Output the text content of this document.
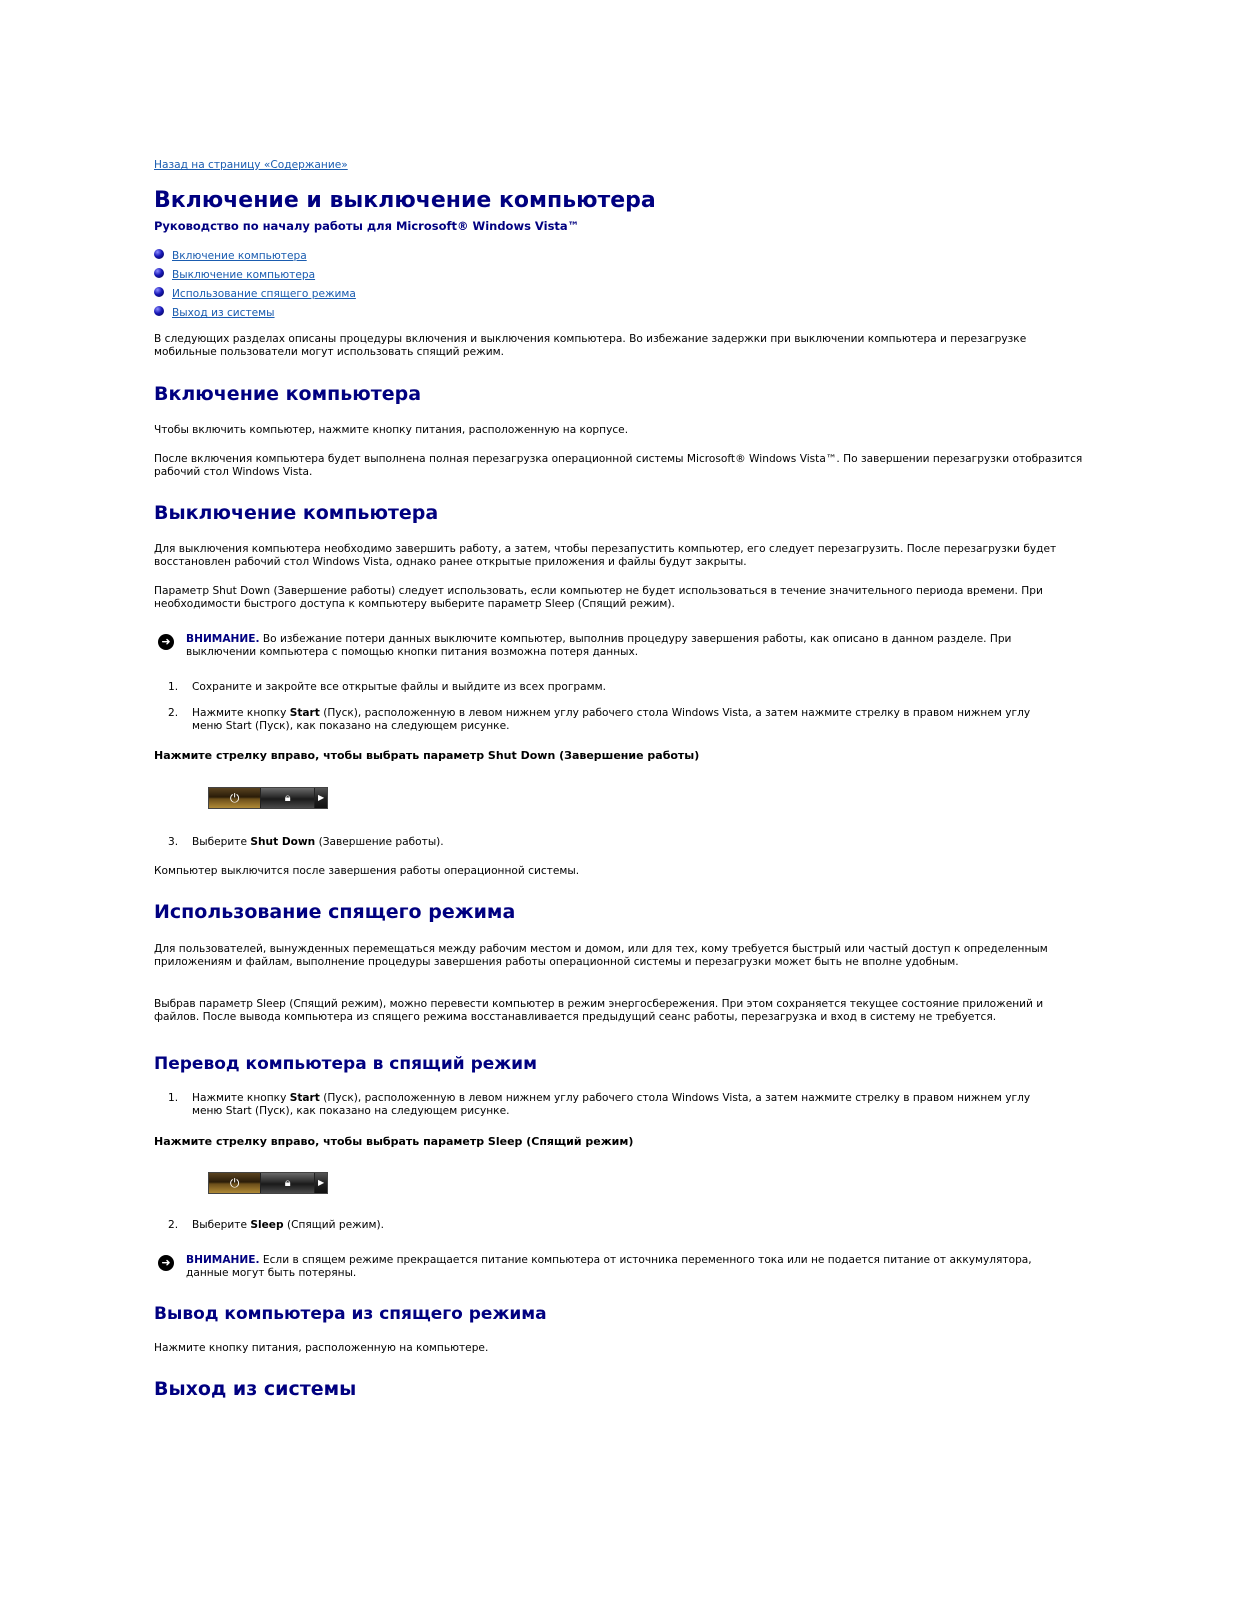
Назад на страницу «Содержание»
Включение и выключение компьютера
Руководство по началу работы для Microsoft® Windows Vista™
Включение компьютера
Выключение компьютера
Использование спящего режима
Выход из системы

В следующих разделах описаны процедуры включения и выключения компьютера. Во избежание задержки при выключении компьютера и перезагрузке мобильные пользователи могут использовать спящий режим.

Включение компьютера

Чтобы включить компьютер, нажмите кнопку питания, расположенную на корпусе.

После включения компьютера будет выполнена полная перезагрузка операционной системы Microsoft® Windows Vista™. По завершении перезагрузки отобразится рабочий стол Windows Vista.

Выключение компьютера

Для выключения компьютера необходимо завершить работу, а затем, чтобы перезапустить компьютер, его следует перезагрузить. После перезагрузки будет восстановлен рабочий стол Windows Vista, однако ранее открытые приложения и файлы будут закрыты.

Параметр Shut Down (Завершение работы) следует использовать, если компьютер не будет использоваться в течение значительного периода времени. При необходимости быстрого доступа к компьютеру выберите параметр Sleep (Спящий режим).

➜	ВНИМАНИЕ. Во избежание потери данных выключите компьютер, выполнив процедуру завершения работы, как описано в данном разделе. При выключении компьютера с помощью кнопки питания возможна потеря данных.
1. Сохраните и закройте все открытые файлы и выйдите из всех программ.
2. Нажмите кнопку Start (Пуск), расположенную в левом нижнем углу рабочего стола Windows Vista, а затем нажмите стрелку в правом нижнем углу меню Start (Пуск), как показано на следующем рисунке.
Нажмите стрелку вправо, чтобы выбрать параметр Shut Down (Завершение работы)
⏻	🔒︎	▶
3. Выберите Shut Down (Завершение работы).

Компьютер выключится после завершения работы операционной системы.

Использование спящего режима

Для пользователей, вынужденных перемещаться между рабочим местом и домом, или для тех, кому требуется быстрый или частый доступ к определенным приложениям и файлам, выполнение процедуры завершения работы операционной системы и перезагрузки может быть не вполне удобным.

Выбрав параметр Sleep (Спящий режим), можно перевести компьютер в режим энергосбережения. При этом сохраняется текущее состояние приложений и файлов. После вывода компьютера из спящего режима восстанавливается предыдущий сеанс работы, перезагрузка и вход в систему не требуется.

Перевод компьютера в спящий режим
1. Нажмите кнопку Start (Пуск), расположенную в левом нижнем углу рабочего стола Windows Vista, а затем нажмите стрелку в правом нижнем углу меню Start (Пуск), как показано на следующем рисунке.
Нажмите стрелку вправо, чтобы выбрать параметр Sleep (Спящий режим)
⏻	🔒︎	▶
2. Выберите Sleep (Спящий режим).
➜	ВНИМАНИЕ. Если в спящем режиме прекращается питание компьютера от источника переменного тока или не подается питание от аккумулятора, данные могут быть потеряны.
Вывод компьютера из спящего режима

Нажмите кнопку питания, расположенную на компьютере.

Выход из системы
